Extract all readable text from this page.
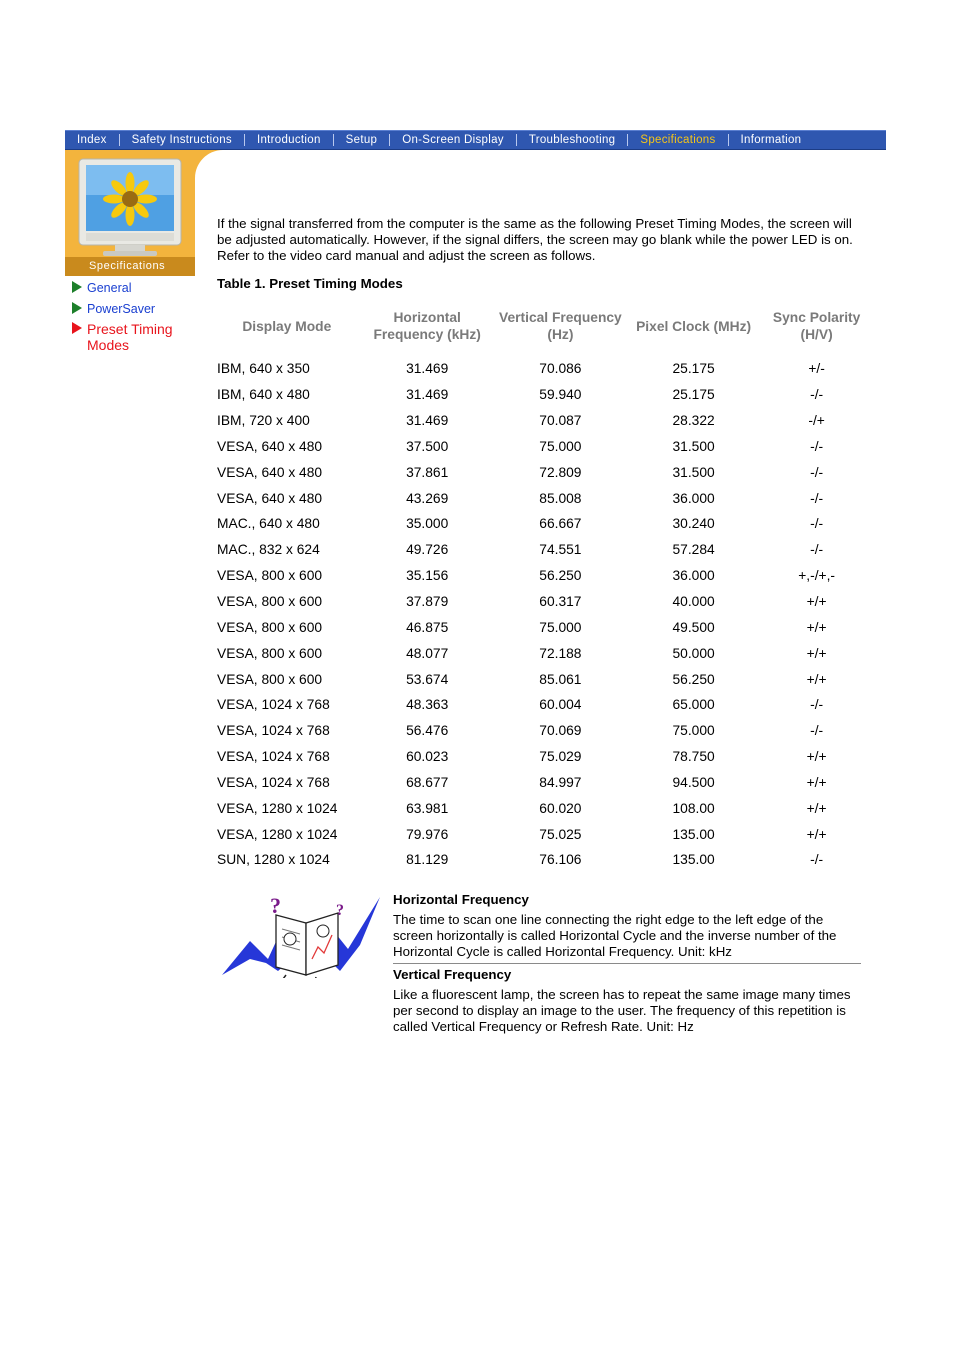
Index	Safety Instructions	Introduction	Setup	On-Screen Display	Troubleshooting	Specifications	Information
Specifications
General
PowerSaver
Preset Timing Modes

If the signal transferred from the computer is the same as the following Preset Timing Modes, the screen will be adjusted automatically. However, if the signal differs, the screen may go blank while the power LED is on. Refer to the video card manual and adjust the screen as follows.

Table 1. Preset Timing Modes
Display Mode	Horizontal Frequency (kHz)	Vertical Frequency (Hz)	Pixel Clock (MHz)	Sync Polarity (H/V)
IBM, 640 x 350	31.469	70.086	25.175	+/-
IBM, 640 x 480	31.469	59.940	25.175	-/-
IBM, 720 x 400	31.469	70.087	28.322	-/+
VESA, 640 x 480	37.500	75.000	31.500	-/-
VESA, 640 x 480	37.861	72.809	31.500	-/-
VESA, 640 x 480	43.269	85.008	36.000	-/-
MAC., 640 x 480	35.000	66.667	30.240	-/-
MAC., 832 x 624	49.726	74.551	57.284	-/-
VESA, 800 x 600	35.156	56.250	36.000	+,-/+,-
VESA, 800 x 600	37.879	60.317	40.000	+/+
VESA, 800 x 600	46.875	75.000	49.500	+/+
VESA, 800 x 600	48.077	72.188	50.000	+/+
VESA, 800 x 600	53.674	85.061	56.250	+/+
VESA, 1024 x 768	48.363	60.004	65.000	-/-
VESA, 1024 x 768	56.476	70.069	75.000	-/-
VESA, 1024 x 768	60.023	75.029	78.750	+/+
VESA, 1024 x 768	68.677	84.997	94.500	+/+
VESA, 1280 x 1024	63.981	60.020	108.00	+/+
VESA, 1280 x 1024	79.976	75.025	135.00	+/+
SUN, 1280 x 1024	81.129	76.106	135.00	-/-
?	?
Horizontal Frequency

The time to scan one line connecting the right edge to the left edge of the screen horizontally is called Horizontal Cycle and the inverse number of the Horizontal Cycle is called Horizontal Frequency. Unit: kHz

Vertical Frequency

Like a fluorescent lamp, the screen has to repeat the same image many times per second to display an image to the user. The frequency of this repetition is called Vertical Frequency or Refresh Rate. Unit: Hz
